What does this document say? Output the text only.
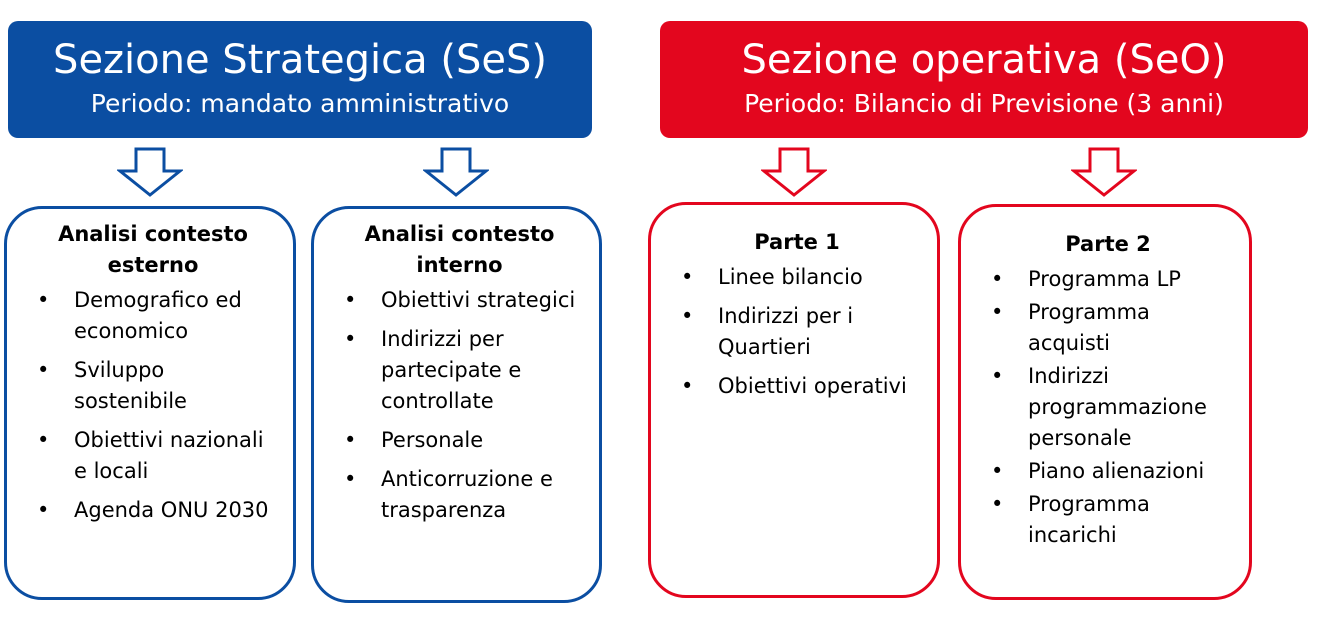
Sezione Strategica (SeS)
Periodo: mandato amministrativo
Sezione operativa (SeO)
Periodo: Bilancio di Previsione (3 anni)
Analisi contesto esterno
• Demografico ed economico
• Sviluppo sostenibile
• Obiettivi nazionali e locali
• Agenda ONU 2030
Analisi contesto interno
• Obiettivi strategici
• Indirizzi per partecipate e controllate
• Personale
• Anticorruzione e trasparenza
Parte 1
• Linee bilancio
• Indirizzi per i Quartieri
• Obiettivi operativi
Parte 2
• Programma LP
• Programma acquisti
• Indirizzi programmazione personale
• Piano alienazioni
• Programma incarichi
